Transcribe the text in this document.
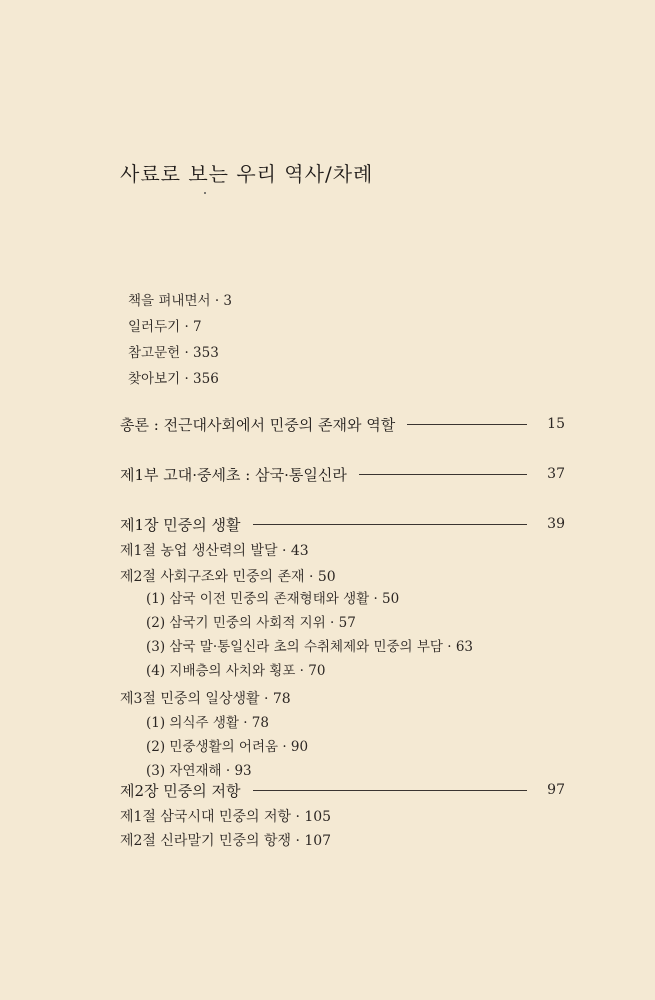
사료로 보는 우리 역사/차례
책을 펴내면서 · 3
일러두기 · 7
참고문헌 · 353
찾아보기 · 356
총론 : 전근대사회에서 민중의 존재와 역할	15
제1부 고대·중세초 : 삼국·통일신라	37
제1장 민중의 생활	39
제1절 농업 생산력의 발달 · 43
제2절 사회구조와 민중의 존재 · 50
(1) 삼국 이전 민중의 존재형태와 생활 · 50
(2) 삼국기 민중의 사회적 지위 · 57
(3) 삼국 말·통일신라 초의 수취체제와 민중의 부담 · 63
(4) 지배층의 사치와 횡포 · 70
제3절 민중의 일상생활 · 78
(1) 의식주 생활 · 78
(2) 민중생활의 어려움 · 90
(3) 자연재해 · 93
제2장 민중의 저항	97
제1절 삼국시대 민중의 저항 · 105
제2절 신라말기 민중의 항쟁 · 107
